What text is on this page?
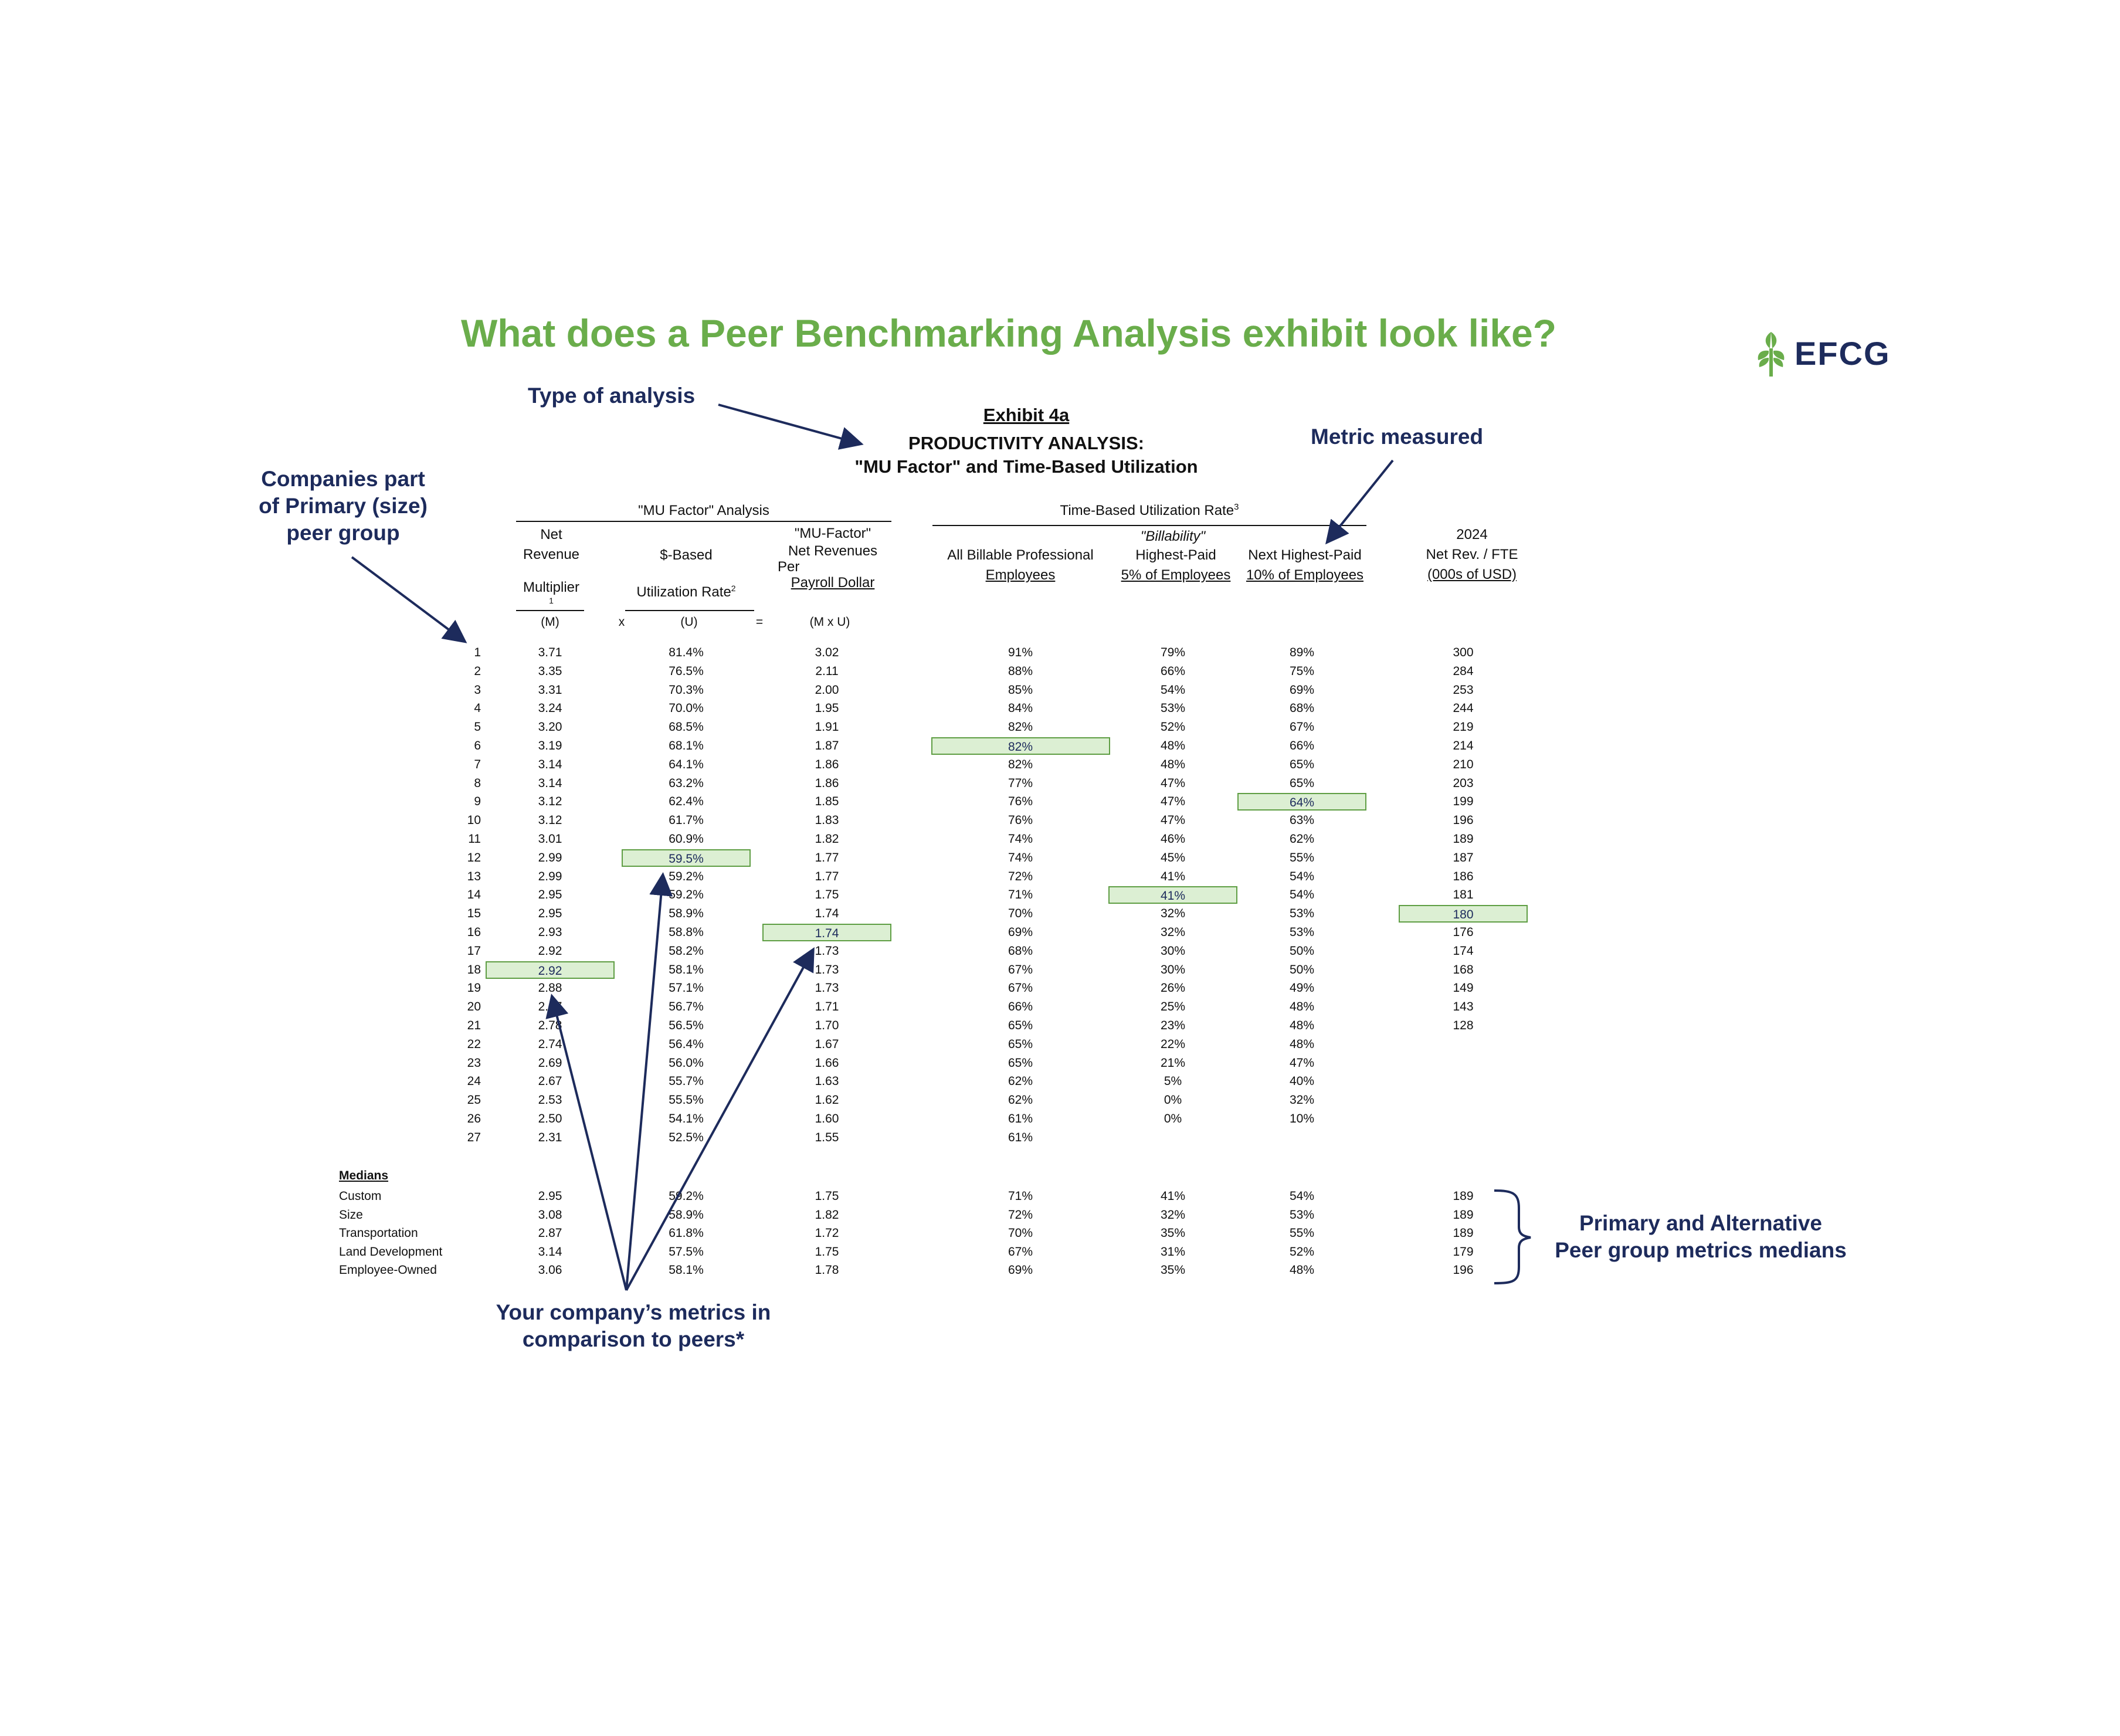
What does a Peer Benchmarking Analysis exhibit look like?	EFCG
Type of analysis
Metric measured
Companies part
of Primary (size)
peer group
Your company’s metrics in
comparison to peers*
Primary and Alternative
Peer group metrics medians
Exhibit 4a
PRODUCTIVITY ANALYSIS:
"MU Factor" and Time-Based Utilization
"MU Factor" Analysis	Time-Based Utilization Rate$^3$
"Billability"
Net
Revenue
Multiplier
1
$-Based
Utilization Rate$^2$
"MU-Factor"
Net Revenues
Per
Payroll Dollar
All Billable Professional
Employees
Highest-Paid
5% of Employees
Next Highest-Paid
10% of Employees
2024
Net Rev. / FTE
(000s of USD)
(M)	x	(U)	=	(M x U)
1	3.71	81.4%	3.02	91%	79%	89%	300
2	3.35	76.5%	2.11	88%	66%	75%	284
3	3.31	70.3%	2.00	85%	54%	69%	253
4	3.24	70.0%	1.95	84%	53%	68%	244
5	3.20	68.5%	1.91	82%	52%	67%	219
6	3.19	68.1%	1.87	82%	48%	66%	214
7	3.14	64.1%	1.86	82%	48%	65%	210
8	3.14	63.2%	1.86	77%	47%	65%	203
9	3.12	62.4%	1.85	76%	47%	64%	199
10	3.12	61.7%	1.83	76%	47%	63%	196
11	3.01	60.9%	1.82	74%	46%	62%	189
12	2.99	59.5%	1.77	74%	45%	55%	187
13	2.99	59.2%	1.77	72%	41%	54%	186
14	2.95	59.2%	1.75	71%	41%	54%	181
15	2.95	58.9%	1.74	70%	32%	53%	180
16	2.93	58.8%	1.74	69%	32%	53%	176
17	2.92	58.2%	1.73	68%	30%	50%	174
18	2.92	58.1%	1.73	67%	30%	50%	168
19	2.88	57.1%	1.73	67%	26%	49%	149
20	2.87	56.7%	1.71	66%	25%	48%	143
21	2.78	56.5%	1.70	65%	23%	48%	128
22	2.74	56.4%	1.67	65%	22%	48%
23	2.69	56.0%	1.66	65%	21%	47%
24	2.67	55.7%	1.63	62%	5%	40%
25	2.53	55.5%	1.62	62%	0%	32%
26	2.50	54.1%	1.60	61%	0%	10%
27	2.31	52.5%	1.55	61%
Medians
Custom	2.95	59.2%	1.75	71%	41%	54%	189
Size	3.08	58.9%	1.82	72%	32%	53%	189
Transportation	2.87	61.8%	1.72	70%	35%	55%	189
Land Development	3.14	57.5%	1.75	67%	31%	52%	179
Employee-Owned	3.06	58.1%	1.78	69%	35%	48%	196
